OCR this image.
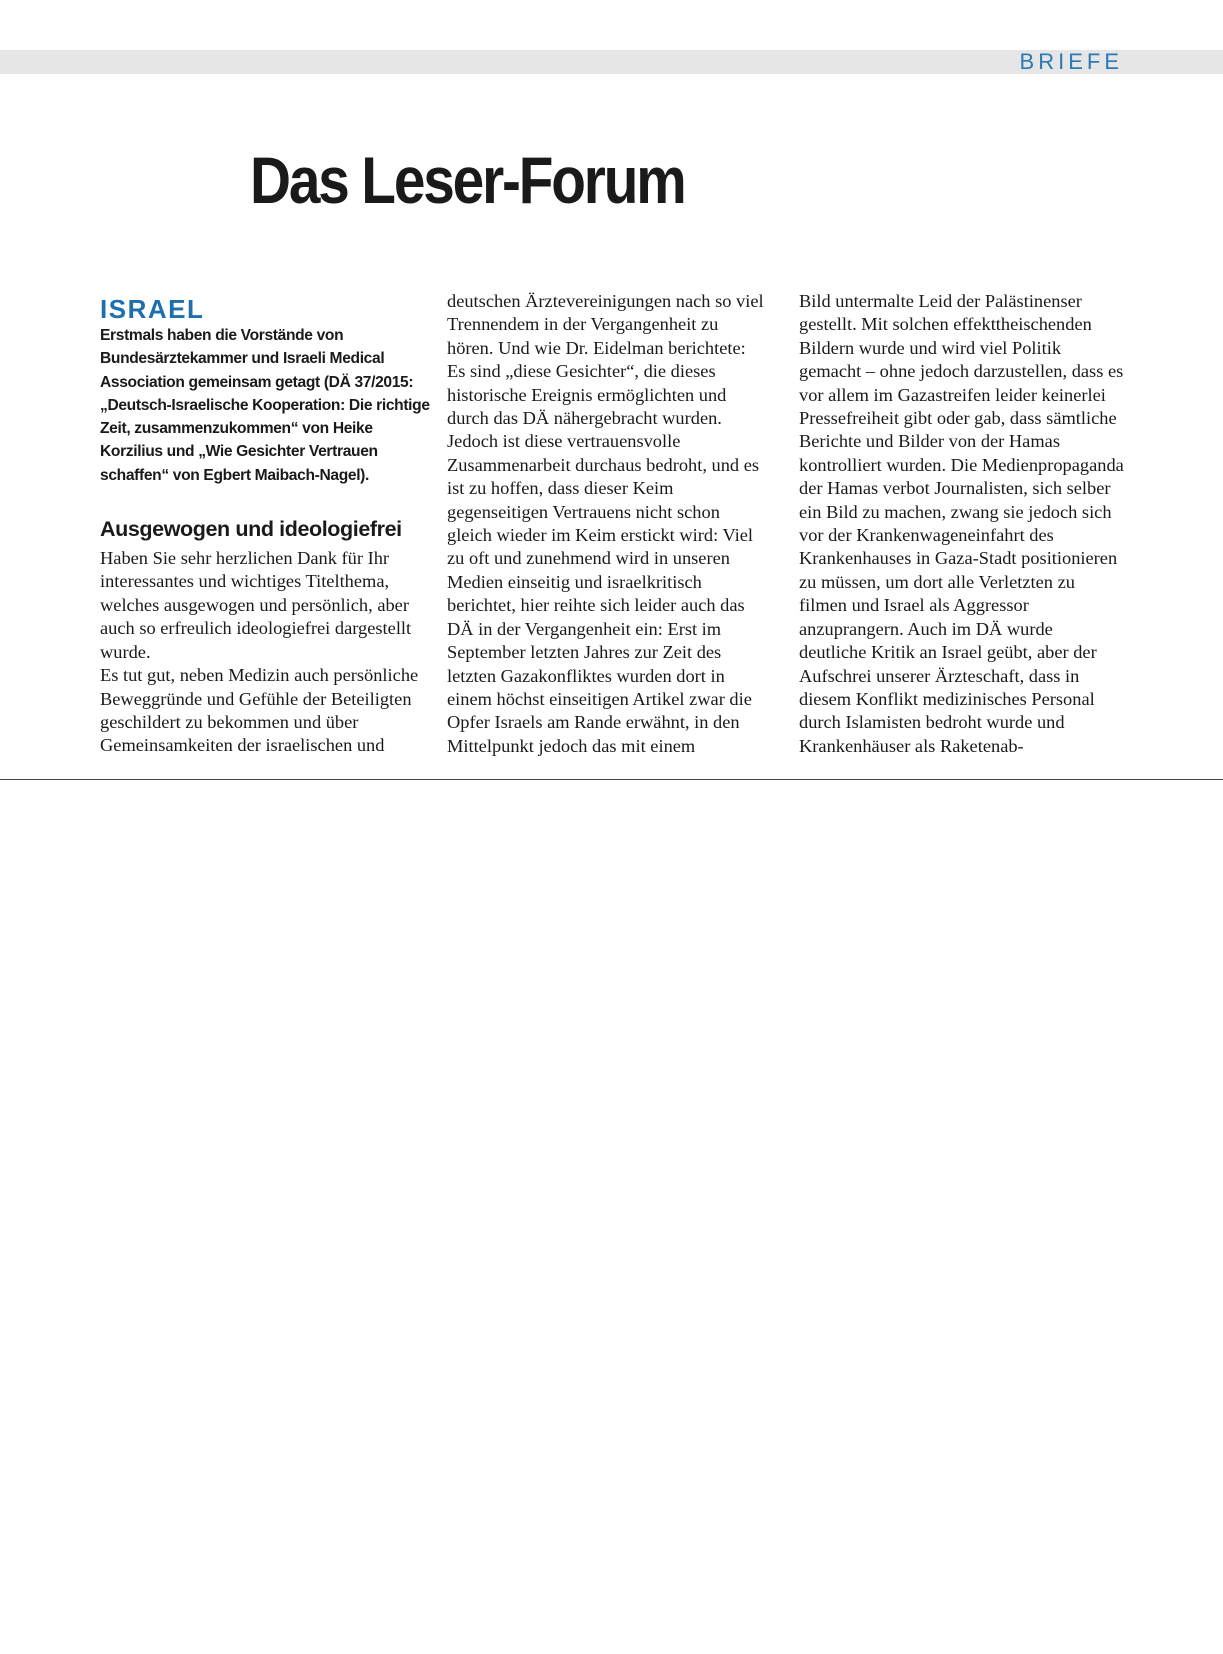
BRIEFE
Das Leser-Forum
ISRAEL

Erstmals haben die Vorstände von Bundesärztekammer und Israeli Medical Association gemeinsam getagt (DÄ 37/2015: „Deutsch-Israelische Kooperation: Die richtige Zeit, zusammenzukommen“ von Heike Korzilius und „Wie Gesichter Vertrauen schaffen“ von Egbert Maibach-Nagel).

Ausgewogen und ideologiefrei

Haben Sie sehr herzlichen Dank für Ihr interessantes und wichtiges Titelthema, welches ausgewogen und persönlich, aber auch so erfreulich ideologiefrei dargestellt wurde.

Es tut gut, neben Medizin auch persönliche Beweggründe und Gefühle der Beteiligten geschildert zu bekommen und über Gemeinsamkeiten der israelischen und

deutschen Ärztevereinigungen nach so viel Trennendem in der Vergangenheit zu hören. Und wie Dr. Eidelman berichtete: Es sind „diese Gesichter“, die dieses historische Ereignis ermöglichten und durch das DÄ nähergebracht wurden.

Jedoch ist diese vertrauensvolle Zusammenarbeit durchaus bedroht, und es ist zu hoffen, dass dieser Keim gegenseitigen Vertrauens nicht schon gleich wieder im Keim erstickt wird: Viel zu oft und zunehmend wird in unseren Medien einseitig und israelkritisch berichtet, hier reihte sich leider auch das DÄ in der Vergangenheit ein: Erst im September letzten Jahres zur Zeit des letzten Gazakonfliktes wurden dort in einem höchst einseitigen Artikel zwar die Opfer Israels am Rande erwähnt, in den Mittelpunkt jedoch das mit einem

Bild untermalte Leid der Palästinenser gestellt. Mit solchen effekttheischenden Bildern wurde und wird viel Politik gemacht – ohne jedoch darzustellen, dass es vor allem im Gazastreifen leider keinerlei Pressefreiheit gibt oder gab, dass sämtliche Berichte und Bilder von der Hamas kontrolliert wurden. Die Medienpropaganda der Hamas verbot Journalisten, sich selber ein Bild zu machen, zwang sie jedoch sich vor der Krankenwageneinfahrt des Krankenhauses in Gaza-Stadt positionieren zu müssen, um dort alle Verletzten zu filmen und Israel als Aggressor anzuprangern. Auch im DÄ wurde deutliche Kritik an Israel geübt, aber der Aufschrei unserer Ärzteschaft, dass in diesem Konflikt medizinisches Personal durch Islamisten bedroht wurde und Krankenhäuser als Raketenab-
